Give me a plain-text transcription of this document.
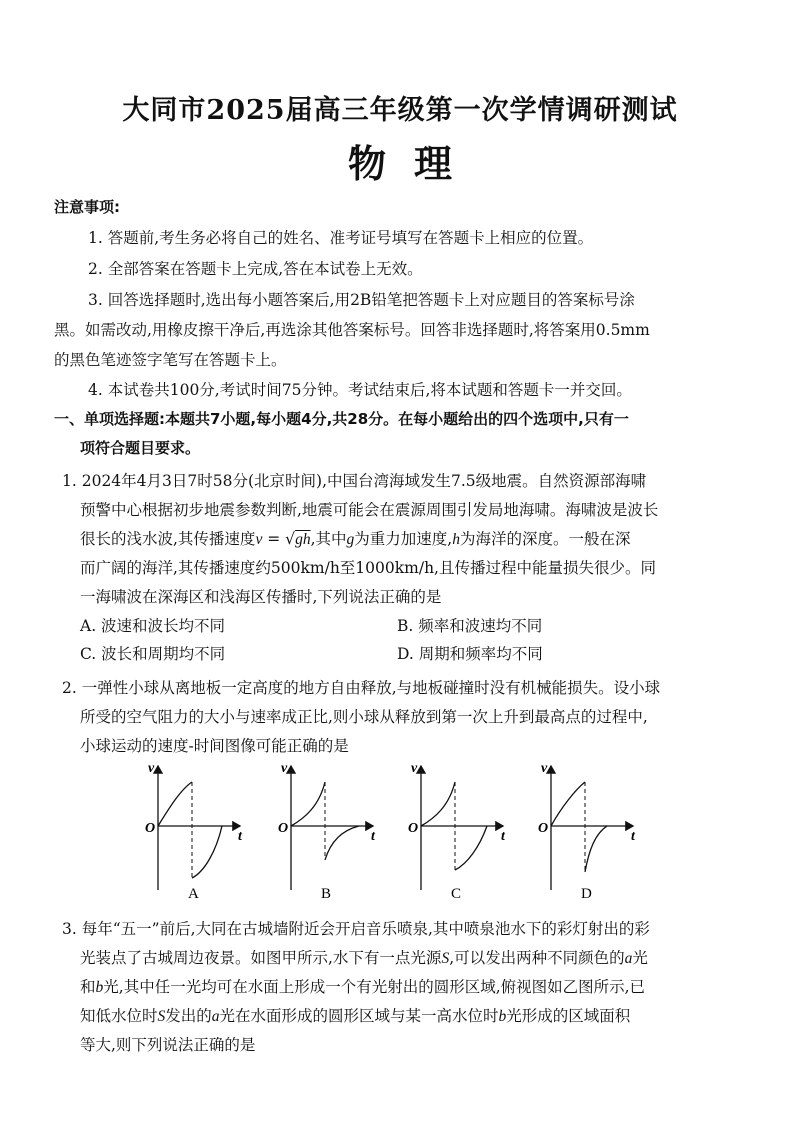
大同市2025届高三年级第一次学情调研测试
物理
注意事项:
1. 答题前,考生务必将自己的姓名、准考证号填写在答题卡上相应的位置。
2. 全部答案在答题卡上完成,答在本试卷上无效。
3. 回答选择题时,选出每小题答案后,用2B铅笔把答题卡上对应题目的答案标号涂
黑。如需改动,用橡皮擦干净后,再选涂其他答案标号。回答非选择题时,将答案用0.5mm
的黑色笔迹签字笔写在答题卡上。
4. 本试卷共100分,考试时间75分钟。考试结束后,将本试题和答题卡一并交回。
一、单项选择题:本题共7小题,每小题4分,共28分。在每小题给出的四个选项中,只有一
项符合题目要求。
1. 2024年4月3日7时58分(北京时间),中国台湾海域发生7.5级地震。自然资源部海啸
预警中心根据初步地震参数判断,地震可能会在震源周围引发局地海啸。海啸波是波长
很长的浅水波,其传播速度v = √gh,其中g为重力加速度,h为海洋的深度。一般在深
而广阔的海洋,其传播速度约500km/h至1000km/h,且传播过程中能量损失很少。同
一海啸波在深海区和浅海区传播时,下列说法正确的是
A. 波速和波长均不同	B. 频率和波速均不同
C. 波长和周期均不同	D. 周期和频率均不同
2. 一弹性小球从离地板一定高度的地方自由释放,与地板碰撞时没有机械能损失。设小球
所受的空气阻力的大小与速率成正比,则小球从释放到第一次上升到最高点的过程中,
小球运动的速度-时间图像可能正确的是
v
t
O
A
v
t
O
B
v
t
O
C
v
t
O
D
3. 每年“五一”前后,大同在古城墙附近会开启音乐喷泉,其中喷泉池水下的彩灯射出的彩
光装点了古城周边夜景。如图甲所示,水下有一点光源S,可以发出两种不同颜色的a光
和b光,其中任一光均可在水面上形成一个有光射出的圆形区域,俯视图如乙图所示,已
知低水位时S发出的a光在水面形成的圆形区域与某一高水位时b光形成的区域面积
等大,则下列说法正确的是
